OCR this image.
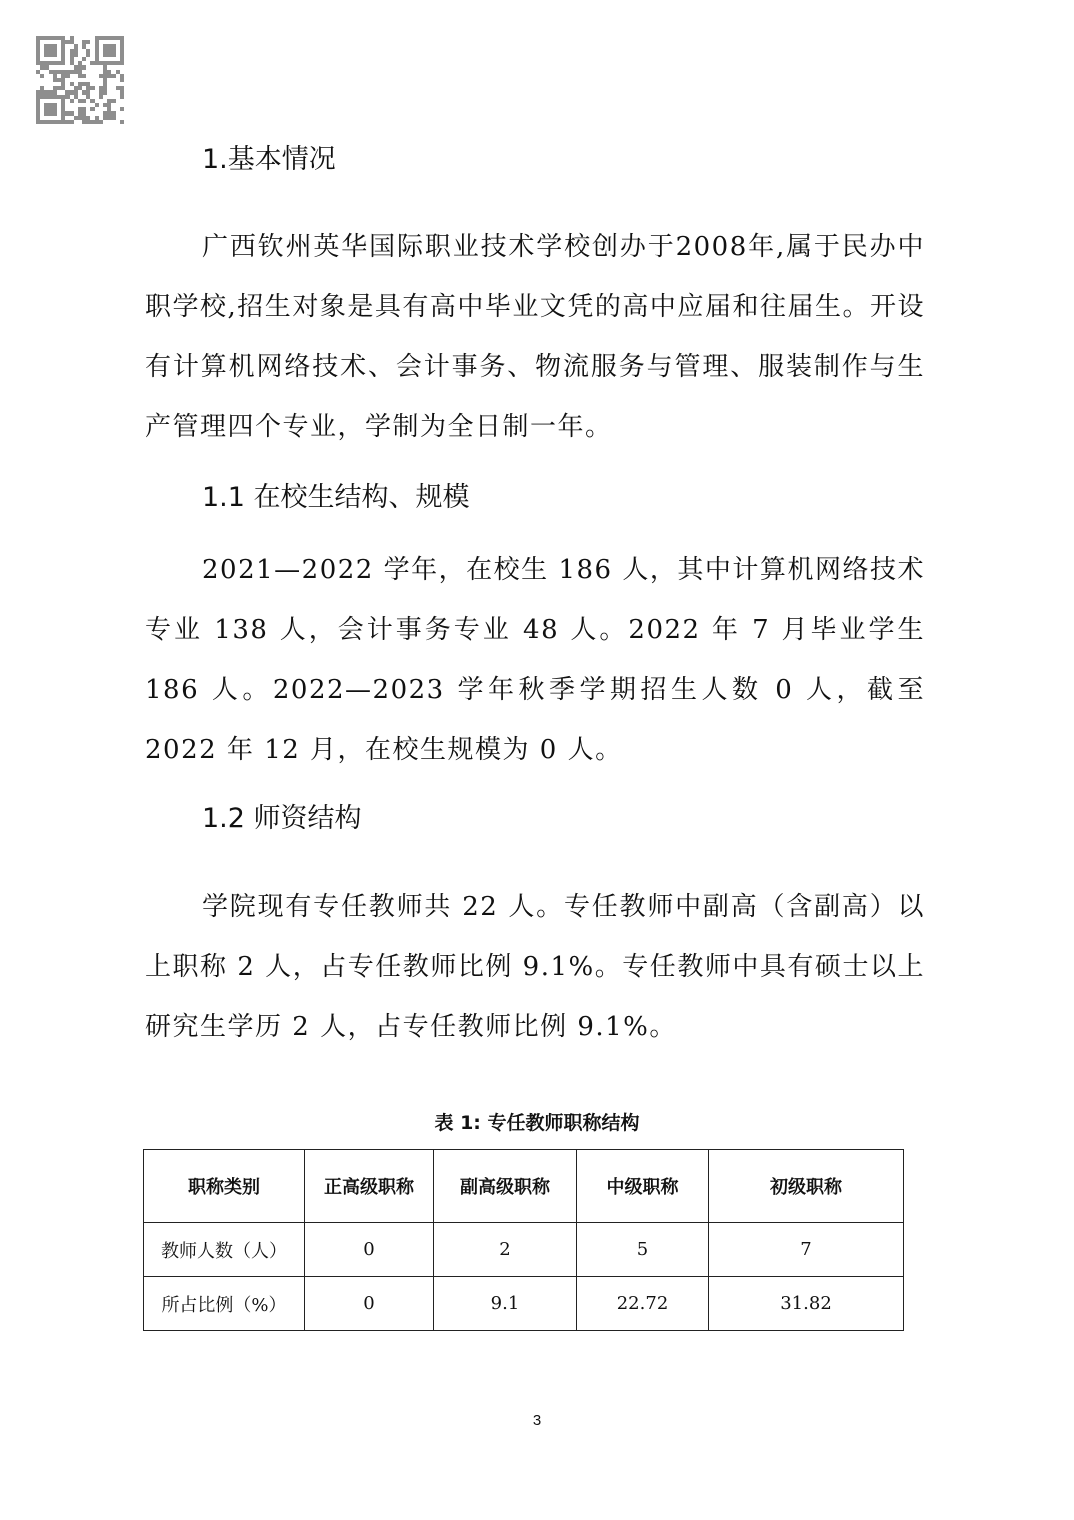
1.基本情况

广西钦州英华国际职业技术学校创办于2008年,属于民办中职学校,招生对象是具有高中毕业文凭的高中应届和往届生。开设有计算机网络技术、会计事务、物流服务与管理、服装制作与生产管理四个专业，学制为全日制一年。

1.1 在校生结构、规模

2021—2022 学年，在校生 186 人，其中计算机网络技术专业 138 人，会计事务专业 48 人。2022 年 7 月毕业学生 186 人。2022—2023 学年秋季学期招生人数 0 人，截至 2022 年 12 月，在校生规模为 0 人。

1.2 师资结构

学院现有专任教师共 22 人。专任教师中副高（含副高）以上职称 2 人，占专任教师比例 9.1%。专任教师中具有硕士以上研究生学历 2 人，占专任教师比例 9.1%。

表 1: 专任教师职称结构

职称类别	正高级职称	副高级职称	中级职称	初级职称
教师人数（人）	0	2	5	7
所占比例（%）	0	9.1	22.72	31.82
3
